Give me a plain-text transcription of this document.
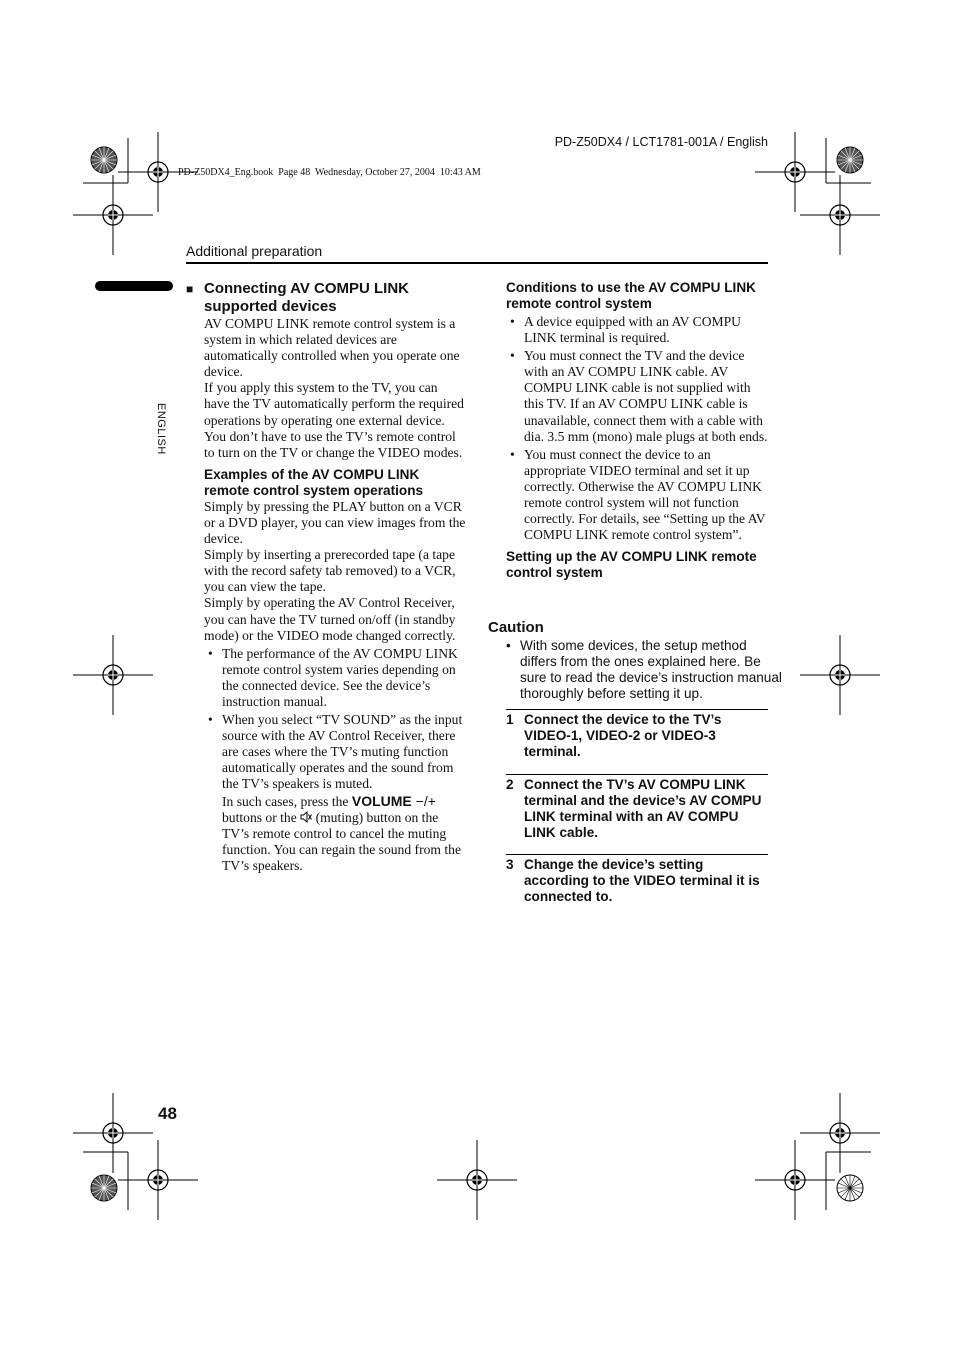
PD-Z50DX4 / LCT1781-001A / English
PD-Z50DX4_Eng.book  Page 48  Wednesday, October 27, 2004  10:43 AM
Additional preparation
ENGLISH
■ Connecting AV COMPU LINK supported devices

AV COMPU LINK remote control system is a system in which related devices are automatically controlled when you operate one device.

If you apply this system to the TV, you can have the TV automatically perform the required operations by operating one external device. You don’t have to use the TV’s remote control to turn on the TV or change the VIDEO modes.

Examples of the AV COMPU LINK remote control system operations

Simply by pressing the PLAY button on a VCR or a DVD player, you can view images from the device.

Simply by inserting a prerecorded tape (a tape with the record safety tab removed) to a VCR, you can view the tape.

Simply by operating the AV Control Receiver, you can have the TV turned on/off (in standby mode) or the VIDEO mode changed correctly.

• The performance of the AV COMPU LINK remote control system varies depending on the connected device. See the device’s instruction manual.

• When you select “TV SOUND” as the input source with the AV Control Receiver, there are cases where the TV’s muting function automatically operates and the sound from the TV’s speakers is muted.

In such cases, press the VOLUME −/+ buttons or the (muting) button on the TV’s remote control to cancel the muting function. You can regain the sound from the TV’s speakers.

Conditions to use the AV COMPU LINK remote control system

• A device equipped with an AV COMPU LINK terminal is required.

• You must connect the TV and the device with an AV COMPU LINK cable. AV COMPU LINK cable is not supplied with this TV. If an AV COMPU LINK cable is unavailable, connect them with a cable with dia. 3.5 mm (mono) male plugs at both ends.

• You must connect the device to an appropriate VIDEO terminal and set it up correctly. Otherwise the AV COMPU LINK remote control system will not function correctly. For details, see “Setting up the AV COMPU LINK remote control system”.

Setting up the AV COMPU LINK remote control system

Caution

• With some devices, the setup method differs from the ones explained here. Be sure to read the device’s instruction manual thoroughly before setting it up.

1 Connect the device to the TV’s VIDEO-1, VIDEO-2 or VIDEO-3 terminal.
2 Connect the TV’s AV COMPU LINK terminal and the device’s AV COMPU LINK terminal with an AV COMPU LINK cable.
3 Change the device’s setting according to the VIDEO terminal it is connected to.
48
